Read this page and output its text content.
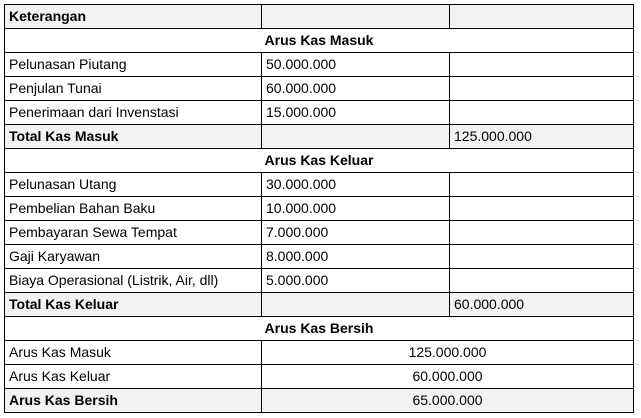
Keterangan		
Arus Kas Masuk		
Pelunasan Piutang	50.000.000	
Penjulan Tunai	60.000.000	
Penerimaan dari Invenstasi	15.000.000	
Total Kas Masuk		125.000.000
Arus Kas Keluar		
Pelunasan Utang	30.000.000	
Pembelian Bahan Baku	10.000.000	
Pembayaran Sewa Tempat	7.000.000	
Gaji Karyawan	8.000.000	
Biaya Operasional (Listrik, Air, dll)	5.000.000	
Total Kas Keluar		60.000.000
Arus Kas Bersih		
Arus Kas Masuk	125.000.000	
Arus Kas Keluar	60.000.000	
Arus Kas Bersih	65.000.000	
